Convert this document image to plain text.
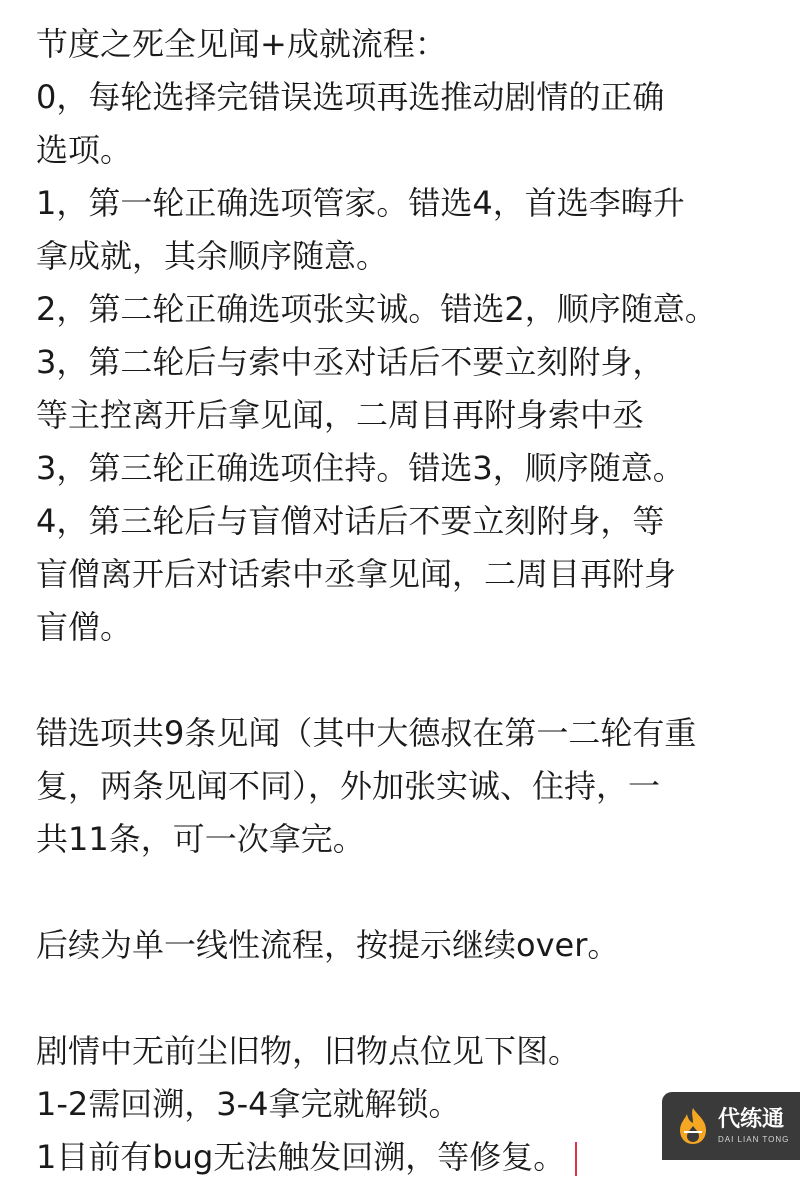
节度之死全见闻+成就流程：
0，每轮选择完错误选项再选推动剧情的正确
选项。
1，第一轮正确选项管家。错选4，首选李晦升
拿成就，其余顺序随意。
2，第二轮正确选项张实诚。错选2，顺序随意。
3，第二轮后与索中丞对话后不要立刻附身，
等主控离开后拿见闻，二周目再附身索中丞
3，第三轮正确选项住持。错选3，顺序随意。
4，第三轮后与盲僧对话后不要立刻附身，等
盲僧离开后对话索中丞拿见闻，二周目再附身
盲僧。
错选项共9条见闻（其中大德叔在第一二轮有重
复，两条见闻不同），外加张实诚、住持，一
共11条，可一次拿完。
后续为单一线性流程，按提示继续over。
剧情中无前尘旧物，旧物点位见下图。
1-2需回溯，3-4拿完就解锁。
1目前有bug无法触发回溯，等修复。
代练通
DAI LIAN TONG
